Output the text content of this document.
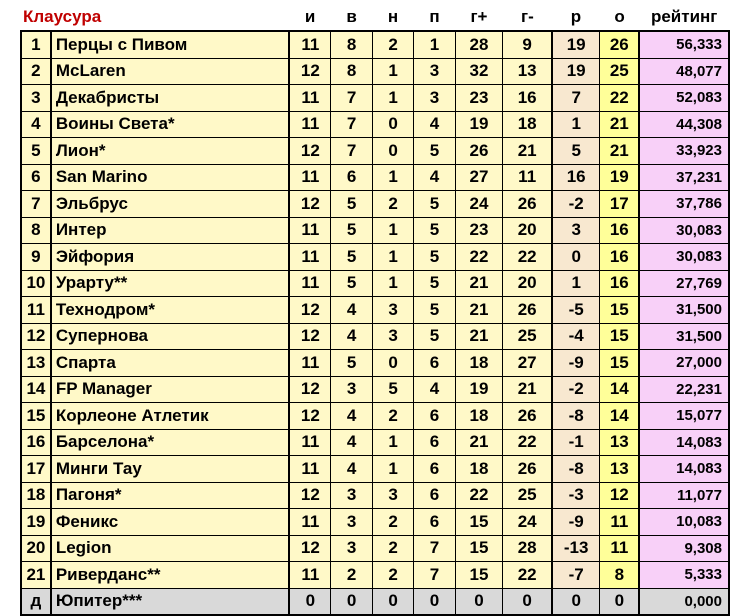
Клаусура		и	в	н	п	г+	г-	р	о	рейтинг
1	Перцы с Пивом	11	8	2	1	28	9	19	26	56,333
2	McLaren	12	8	1	3	32	13	19	25	48,077
3	Декабристы	11	7	1	3	23	16	7	22	52,083
4	Воины Света*	11	7	0	4	19	18	1	21	44,308
5	Лион*	12	7	0	5	26	21	5	21	33,923
6	San Marino	11	6	1	4	27	11	16	19	37,231
7	Эльбрус	12	5	2	5	24	26	-2	17	37,786
8	Интер	11	5	1	5	23	20	3	16	30,083
9	Эйфория	11	5	1	5	22	22	0	16	30,083
10	Урарту**	11	5	1	5	21	20	1	16	27,769
11	Технодром*	12	4	3	5	21	26	-5	15	31,500
12	Супернова	12	4	3	5	21	25	-4	15	31,500
13	Спарта	11	5	0	6	18	27	-9	15	27,000
14	FP Manager	12	3	5	4	19	21	-2	14	22,231
15	Корлеоне Атлетик	12	4	2	6	18	26	-8	14	15,077
16	Барселона*	11	4	1	6	21	22	-1	13	14,083
17	Минги Тау	11	4	1	6	18	26	-8	13	14,083
18	Пагоня*	12	3	3	6	22	25	-3	12	11,077
19	Феникс	11	3	2	6	15	24	-9	11	10,083
20	Legion	12	3	2	7	15	28	-13	11	9,308
21	Риверданс**	11	2	2	7	15	22	-7	8	5,333
д	Юпитер***	0	0	0	0	0	0	0	0	0,000
